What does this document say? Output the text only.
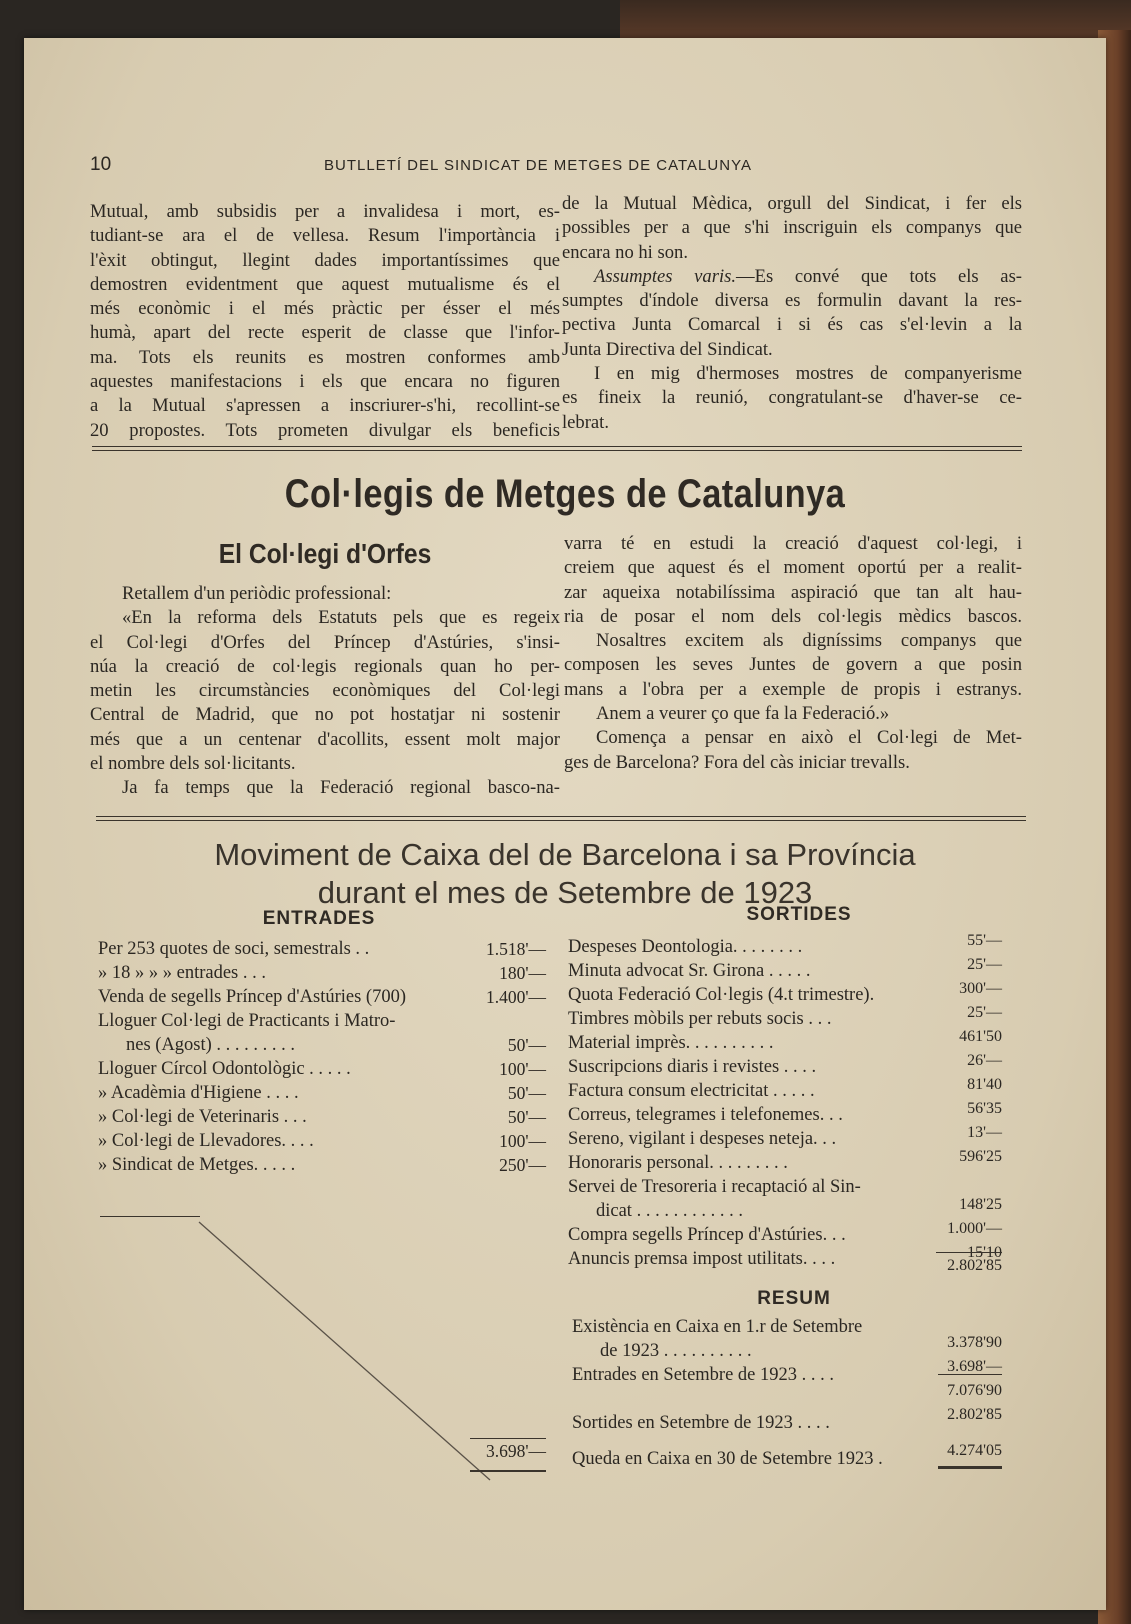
10	BUTLLETÍ DEL SINDICAT DE METGES DE CATALUNYA
Mutual, amb subsidis per a invalidesa i mort, es-
tudiant-se ara el de vellesa. Resum l'importància i
l'èxit obtingut, llegint dades importantíssimes que
demostren evidentment que aquest mutualisme és el
més econòmic i el més pràctic per ésser el més
humà, apart del recte esperit de classe que l'infor-
ma. Tots els reunits es mostren conformes amb
aquestes manifestacions i els que encara no figuren
a la Mutual s'apressen a inscriurer-s'hi, recollint-se
20 propostes. Tots prometen divulgar els beneficis
de la Mutual Mèdica, orgull del Sindicat, i fer els
possibles per a que s'hi inscriguin els companys que
encara no hi son.
Assumptes varis.—Es convé que tots els as-
sumptes d'índole diversa es formulin davant la res-
pectiva Junta Comarcal i si és cas s'el·levin a la
Junta Directiva del Sindicat.
I en mig d'hermoses mostres de companyerisme
es fineix la reunió, congratulant-se d'haver-se ce-
lebrat.
Col·legis de Metges de Catalunya
El Col·legi d'Orfes
Retallem d'un periòdic professional:
«En la reforma dels Estatuts pels que es regeix
el Col·legi d'Orfes del Príncep d'Astúries, s'insi-
núa la creació de col·legis regionals quan ho per-
metin les circumstàncies econòmiques del Col·legi
Central de Madrid, que no pot hostatjar ni sostenir
més que a un centenar d'acollits, essent molt major
el nombre dels sol·licitants.
Ja fa temps que la Federació regional basco-na-
varra té en estudi la creació d'aquest col·legi, i
creiem que aquest és el moment oportú per a realit-
zar aqueixa notabilíssima aspiració que tan alt hau-
ria de posar el nom dels col·legis mèdics bascos.
Nosaltres excitem als digníssims companys que
composen les seves Juntes de govern a que posin
mans a l'obra per a exemple de propis i estranys.
Anem a veurer ço que fa la Federació.»
Comença a pensar en això el Col·legi de Met-
ges de Barcelona? Fora del càs iniciar trevalls.
Moviment de Caixa del de Barcelona i sa Província
durant el mes de Setembre de 1923
ENTRADES	SORTIDES
Per 253 quotes de soci, semestrals . .	1.518'—
» 18 » » » entrades . . .	180'—
Venda de segells Príncep d'Astúries (700)	1.400'—
Lloguer Col·legi de Practicants i Matro-
nes (Agost) . . . . . . . . .	50'—
Lloguer Círcol Odontològic . . . . .	100'—
» Acadèmia d'Higiene . . . .	50'—
» Col·legi de Veterinaris . . .	50'—
» Col·legi de Llevadores. . . .	100'—
» Sindicat de Metges. . . . .	250'—
Despeses Deontologia. . . . . . . .	55'—
Minuta advocat Sr. Girona . . . . .	25'—
Quota Federació Col·legis (4.t trimestre).	300'—
Timbres mòbils per rebuts socis . . .	25'—
Material imprès. . . . . . . . . .	461'50
Suscripcions diaris i revistes . . . .	26'—
Factura consum electricitat . . . . .	81'40
Correus, telegrames i telefonemes. . .	56'35
Sereno, vigilant i despeses neteja. . .	13'—
Honoraris personal. . . . . . . . .	596'25
Servei de Tresoreria i recaptació al Sin-
dicat . . . . . . . . . . . .	148'25
Compra segells Príncep d'Astúries. . .	1.000'—
Anuncis premsa impost utilitats. . . .	15'10
3.698'—
2.802'85
RESUM
Existència en Caixa en 1.r de Setembre
de 1923 . . . . . . . . . .	3.378'90
Entrades en Setembre de 1923 . . . .	3.698'—
7.076'90
Sortides en Setembre de 1923 . . . .	2.802'85
Queda en Caixa en 30 de Setembre 1923 .	4.274'05
